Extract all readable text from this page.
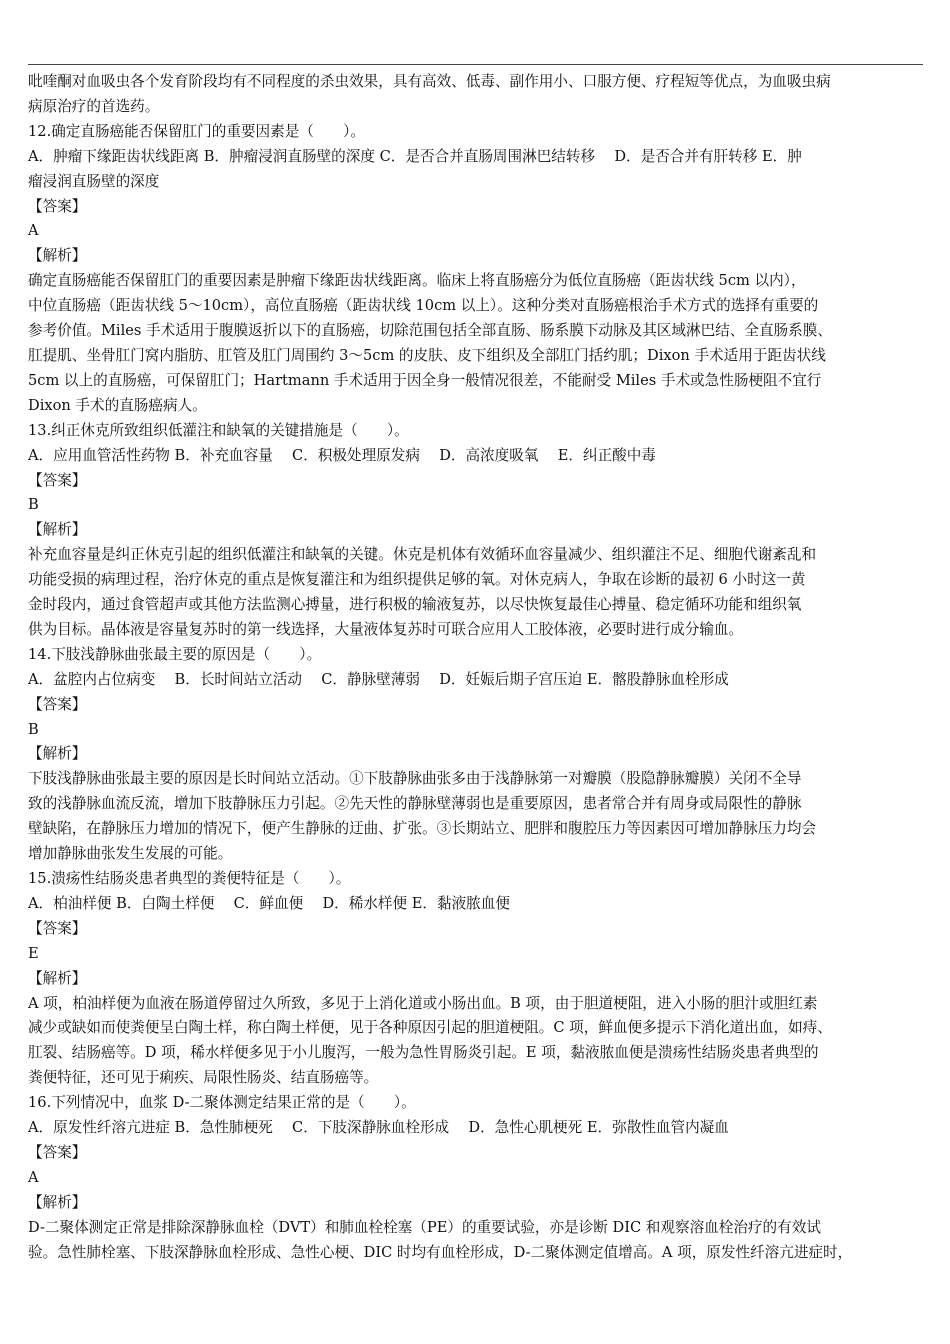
吡喹酮对血吸虫各个发育阶段均有不同程度的杀虫效果，具有高效、低毒、副作用小、口服方便、疗程短等优点，为血吸虫病
病原治疗的首选药。
12.确定直肠癌能否保留肛门的重要因素是（　　）。
A．肿瘤下缘距齿状线距离 B．肿瘤浸润直肠壁的深度 C．是否合并直肠周围淋巴结转移　 D．是否合并有肝转移 E．肿
瘤浸润直肠壁的深度
【答案】
A
【解析】
确定直肠癌能否保留肛门的重要因素是肿瘤下缘距齿状线距离。临床上将直肠癌分为低位直肠癌（距齿状线 5cm 以内），
中位直肠癌（距齿状线 5～10cm），高位直肠癌（距齿状线 10cm 以上）。这种分类对直肠癌根治手术方式的选择有重要的
参考价值。Miles 手术适用于腹膜返折以下的直肠癌，切除范围包括全部直肠、肠系膜下动脉及其区域淋巴结、全直肠系膜、
肛提肌、坐骨肛门窝内脂肪、肛管及肛门周围约 3～5cm 的皮肤、皮下组织及全部肛门括约肌；Dixon 手术适用于距齿状线
5cm 以上的直肠癌，可保留肛门；Hartmann 手术适用于因全身一般情况很差，不能耐受 Miles 手术或急性肠梗阻不宜行
Dixon 手术的直肠癌病人。
13.纠正休克所致组织低灌注和缺氧的关键措施是（　　）。
A．应用血管活性药物 B．补充血容量　 C．积极处理原发病　 D．高浓度吸氧　 E．纠正酸中毒
【答案】
B
【解析】
补充血容量是纠正休克引起的组织低灌注和缺氧的关键。休克是机体有效循环血容量减少、组织灌注不足、细胞代谢紊乱和
功能受损的病理过程，治疗休克的重点是恢复灌注和为组织提供足够的氧。对休克病人，争取在诊断的最初 6 小时这一黄
金时段内，通过食管超声或其他方法监测心搏量，进行积极的输液复苏，以尽快恢复最佳心搏量、稳定循环功能和组织氧
供为目标。晶体液是容量复苏时的第一线选择，大量液体复苏时可联合应用人工胶体液，必要时进行成分输血。
14.下肢浅静脉曲张最主要的原因是（　　）。
A．盆腔内占位病变　 B．长时间站立活动　 C．静脉壁薄弱　 D．妊娠后期子宫压迫 E．髂股静脉血栓形成
【答案】
B
【解析】
下肢浅静脉曲张最主要的原因是长时间站立活动。①下肢静脉曲张多由于浅静脉第一对瓣膜（股隐静脉瓣膜）关闭不全导
致的浅静脉血流反流，增加下肢静脉压力引起。②先天性的静脉壁薄弱也是重要原因，患者常合并有周身或局限性的静脉
壁缺陷，在静脉压力增加的情况下，便产生静脉的迂曲、扩张。③长期站立、肥胖和腹腔压力等因素因可增加静脉压力均会
增加静脉曲张发生发展的可能。
15.溃疡性结肠炎患者典型的粪便特征是（　　）。
A．柏油样便 B．白陶土样便　 C．鲜血便　 D．稀水样便 E．黏液脓血便
【答案】
E
【解析】
A 项，柏油样便为血液在肠道停留过久所致，多见于上消化道或小肠出血。B 项，由于胆道梗阻，进入小肠的胆汁或胆红素
减少或缺如而使粪便呈白陶土样，称白陶土样便，见于各种原因引起的胆道梗阻。C 项，鲜血便多提示下消化道出血，如痔、
肛裂、结肠癌等。D 项，稀水样便多见于小儿腹泻，一般为急性胃肠炎引起。E 项，黏液脓血便是溃疡性结肠炎患者典型的
粪便特征，还可见于痢疾、局限性肠炎、结直肠癌等。
16.下列情况中，血浆 D-二聚体测定结果正常的是（　　）。
A．原发性纤溶亢进症 B．急性肺梗死　 C．下肢深静脉血栓形成　 D．急性心肌梗死 E．弥散性血管内凝血
【答案】
A
【解析】
D-二聚体测定正常是排除深静脉血栓（DVT）和肺血栓栓塞（PE）的重要试验，亦是诊断 DIC 和观察溶血栓治疗的有效试
验。急性肺栓塞、下肢深静脉血栓形成、急性心梗、DIC 时均有血栓形成，D-二聚体测定值增高。A 项，原发性纤溶亢进症时，
